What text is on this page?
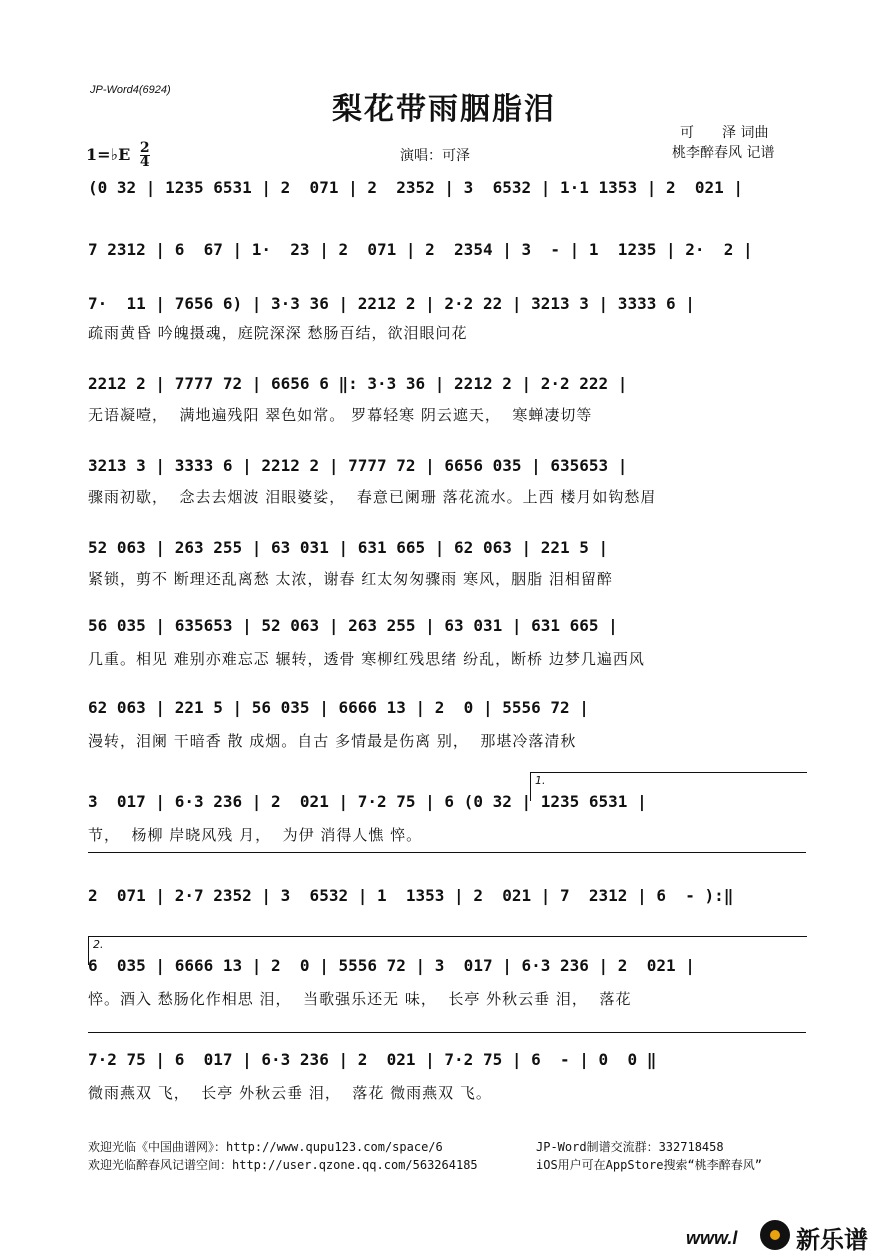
JP-Word4(6924)
梨花带雨胭脂泪
可　　泽 词曲
桃李醉春风 记谱
1=♭E $\frac{2}{4}$	演唱：可泽
(0 32 | 1235 6531 | 2  071 | 2  2352 | 3  6532 | 1·1 1353 | 2  021 |
7 2312 | 6  67 | 1·  23 | 2  071 | 2  2354 | 3  - | 1  1235 | 2·  2 |
7·  11 | 7656 6) | 3·3 36 | 2212 2 | 2·2 22 | 3213 3 | 3333 6 |
疏雨黄昏 吟魄摄魂，庭院深深 愁肠百结，欲泪眼问花
2212 2 | 7777 72 | 6656 6 ‖: 3·3 36 | 2212 2 | 2·2 222 |
无语凝噎，  满地遍残阳 翠色如常。 罗幕轻寒 阴云遮天，  寒蝉凄切等
3213 3 | 3333 6 | 2212 2 | 7777 72 | 6656 035 | 635653 |
骤雨初歇，  念去去烟波 泪眼婆娑，  春意已阑珊 落花流水。上西 楼月如钩愁眉
52 063 | 263 255 | 63 031 | 631 665 | 62 063 | 221 5 |
紧锁，剪不 断理还乱离愁 太浓，谢春 红太匆匆骤雨 寒风，胭脂 泪相留醉
56 035 | 635653 | 52 063 | 263 255 | 63 031 | 631 665 |
几重。相见 难别亦难忘忑 辗转，透骨 寒柳红残思绪 纷乱，断桥 边梦几遍西风
62 063 | 221 5 | 56 035 | 6666 13 | 2  0 | 5556 72 |
漫转，泪阑 干暗香 散 成烟。自古 多情最是伤离 别，  那堪冷落清秋
1.
3  017 | 6·3 236 | 2  021 | 7·2 75 | 6 (0 32 | 1235 6531 |
节，  杨柳 岸晓风残 月，  为伊 消得人憔 悴。
2  071 | 2·7 2352 | 3  6532 | 1  1353 | 2  021 | 7  2312 | 6  - ):‖
2.
6  035 | 6666 13 | 2  0 | 5556 72 | 3  017 | 6·3 236 | 2  021 |
悴。酒入 愁肠化作相思 泪，  当歌强乐还无 味，  长亭 外秋云垂 泪，  落花
7·2 75 | 6  017 | 6·3 236 | 2  021 | 7·2 75 | 6  - | 0  0 ‖
微雨燕双 飞，  长亭 外秋云垂 泪，  落花 微雨燕双 飞。
欢迎光临《中国曲谱网》：http://www.qupu123.com/space/6
欢迎光临醉春风记谱空间：http://user.qzone.qq.com/563264185
JP-Word制谱交流群：332718458
iOS用户可在AppStore搜索“桃李醉春风”
www.l 新乐谱
